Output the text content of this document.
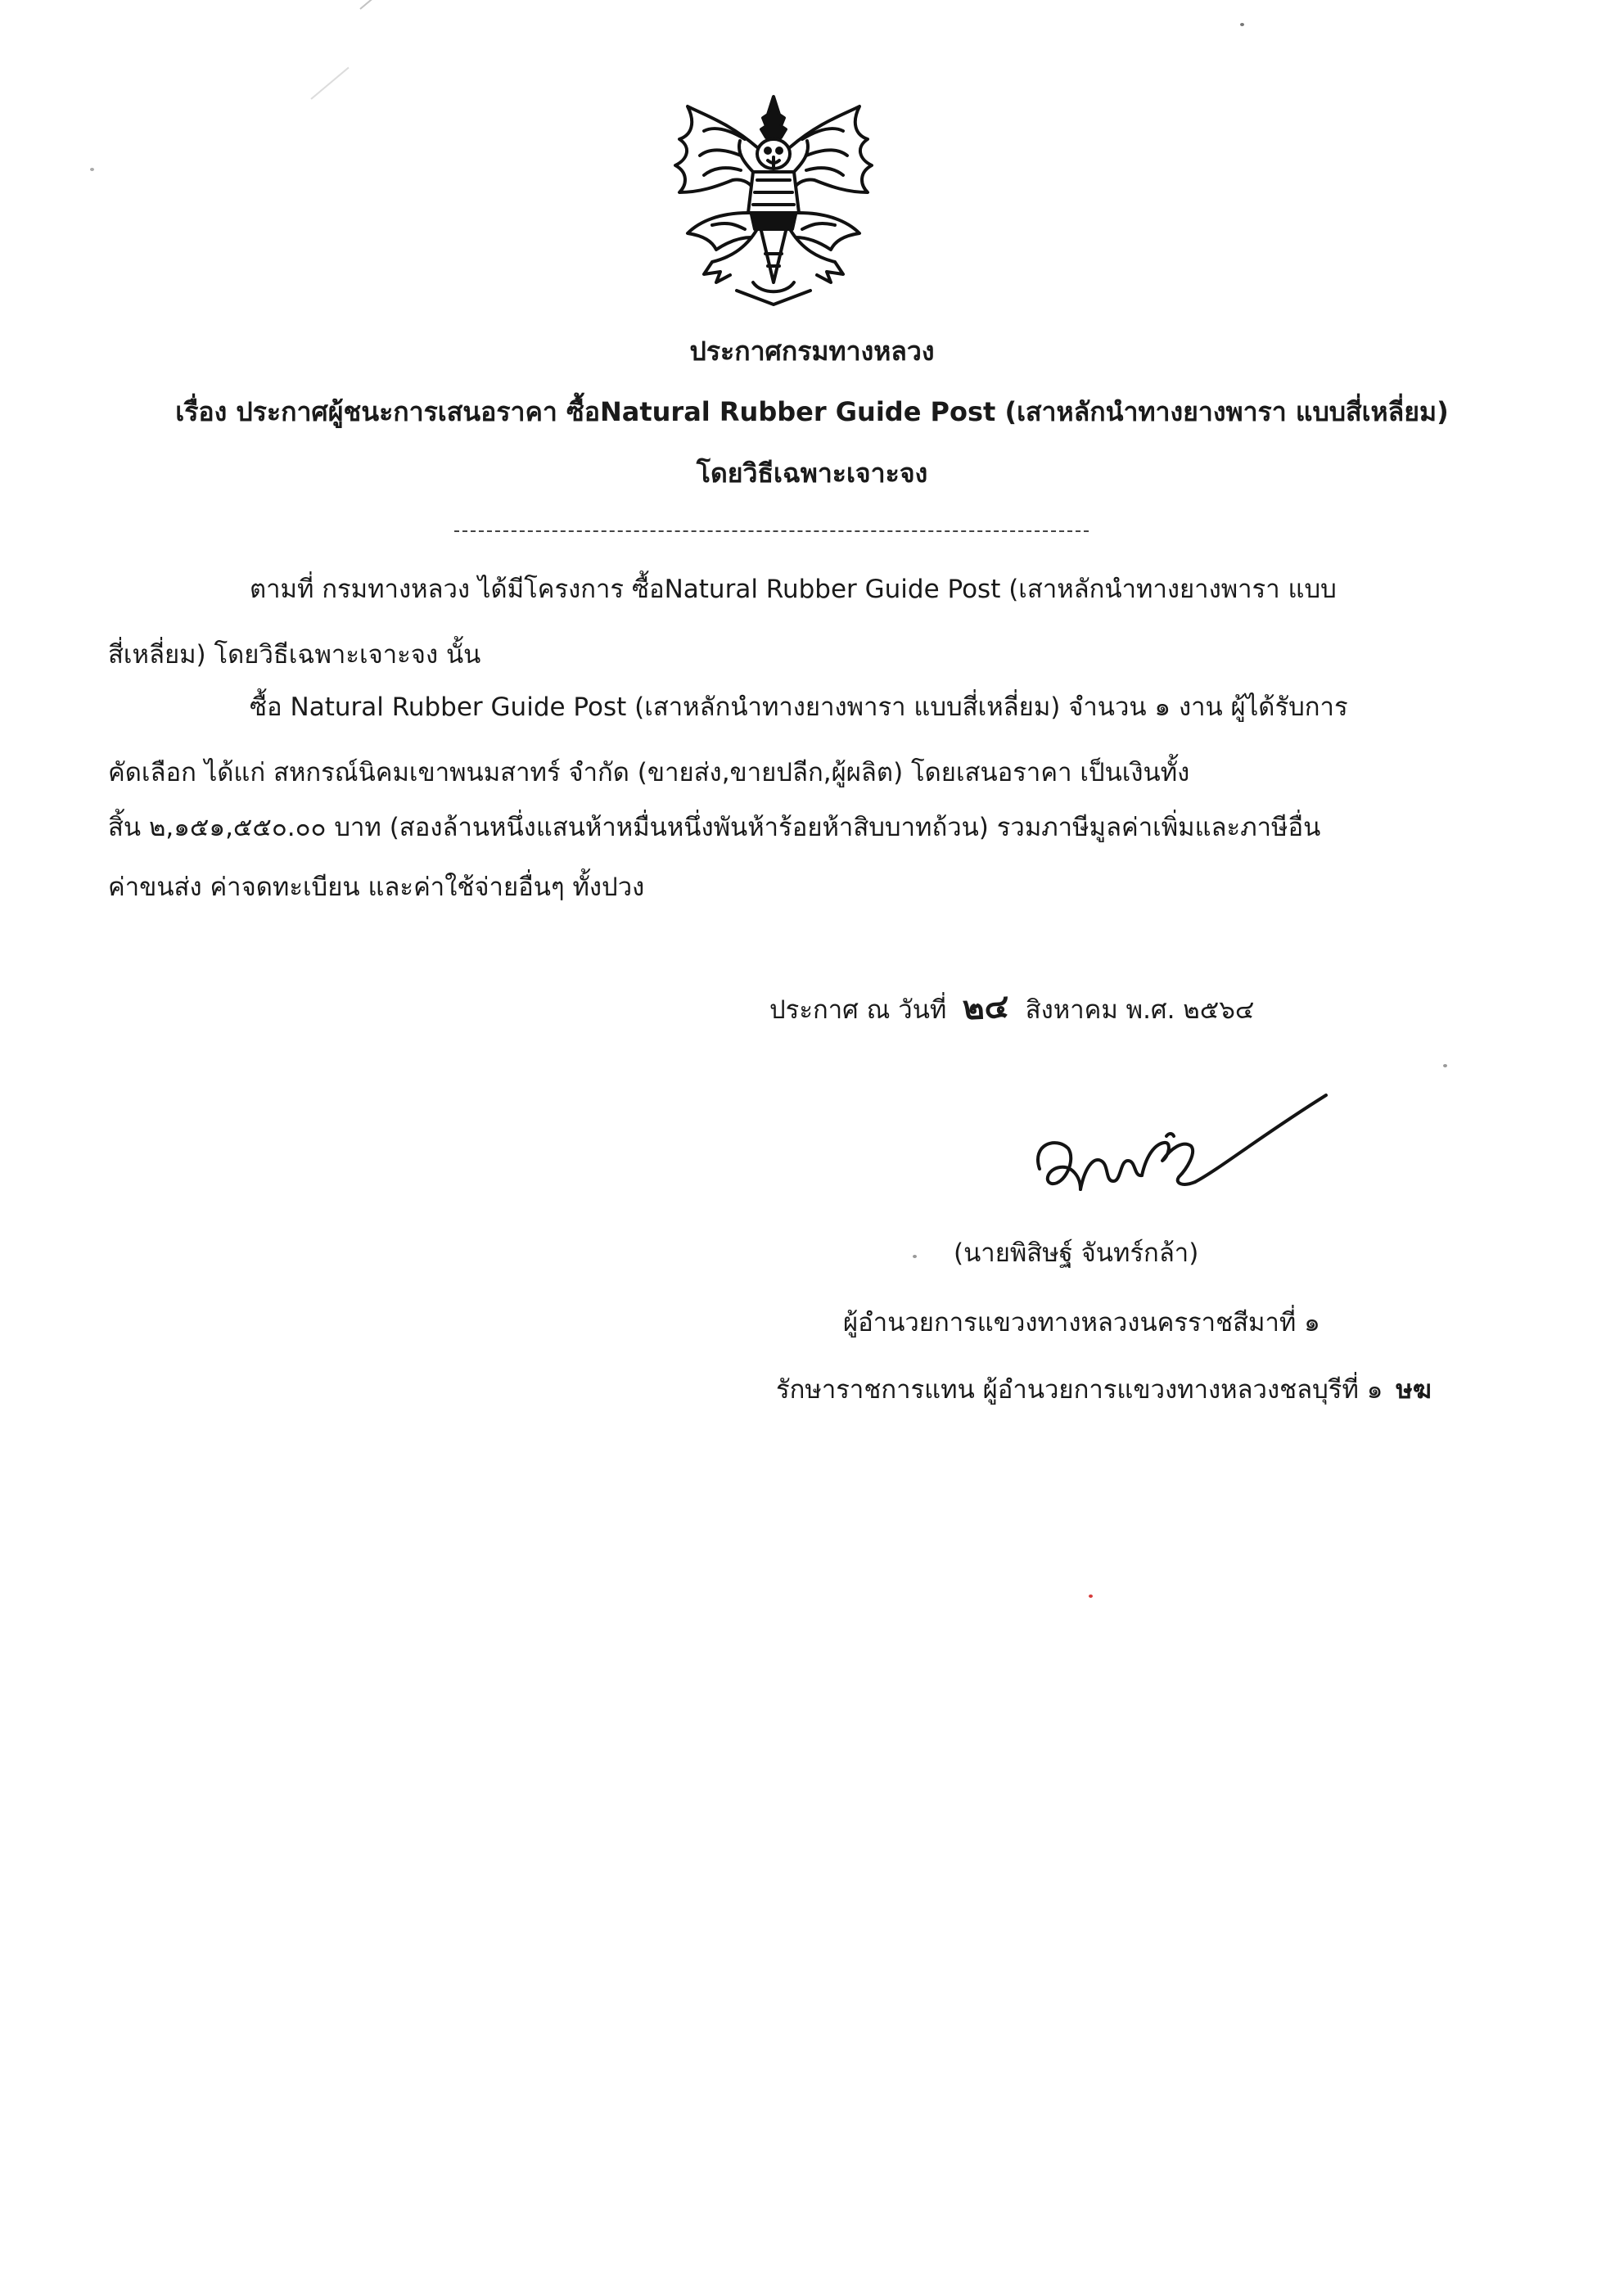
ประกาศกรมทางหลวง
เรื่อง ประกาศผู้ชนะการเสนอราคา ซื้อNatural Rubber Guide Post (เสาหลักนำทางยางพารา แบบสี่เหลี่ยม)
โดยวิธีเฉพาะเจาะจง
ตามที่ กรมทางหลวง ได้มีโครงการ ซื้อNatural Rubber Guide Post (เสาหลักนำทางยางพารา แบบ
สี่เหลี่ยม) โดยวิธีเฉพาะเจาะจง นั้น
ซื้อ Natural Rubber Guide Post (เสาหลักนำทางยางพารา แบบสี่เหลี่ยม) จำนวน ๑ งาน ผู้ได้รับการ
คัดเลือก ได้แก่ สหกรณ์นิคมเขาพนมสาทร์ จำกัด (ขายส่ง,ขายปลีก,ผู้ผลิต) โดยเสนอราคา เป็นเงินทั้ง
สิ้น ๒,๑๕๑,๕๕๐.๐๐ บาท (สองล้านหนึ่งแสนห้าหมื่นหนึ่งพันห้าร้อยห้าสิบบาทถ้วน) รวมภาษีมูลค่าเพิ่มและภาษีอื่น
ค่าขนส่ง ค่าจดทะเบียน และค่าใช้จ่ายอื่นๆ ทั้งปวง
ประกาศ ณ วันที่ ๒๔ สิงหาคม พ.ศ. ๒๕๖๔
(นายพิสิษฐ์ จันทร์กล้า)
ผู้อำนวยการแขวงทางหลวงนครราชสีมาที่ ๑
รักษาราชการแทน ผู้อำนวยการแขวงทางหลวงชลบุรีที่ ๑ ษฆ
